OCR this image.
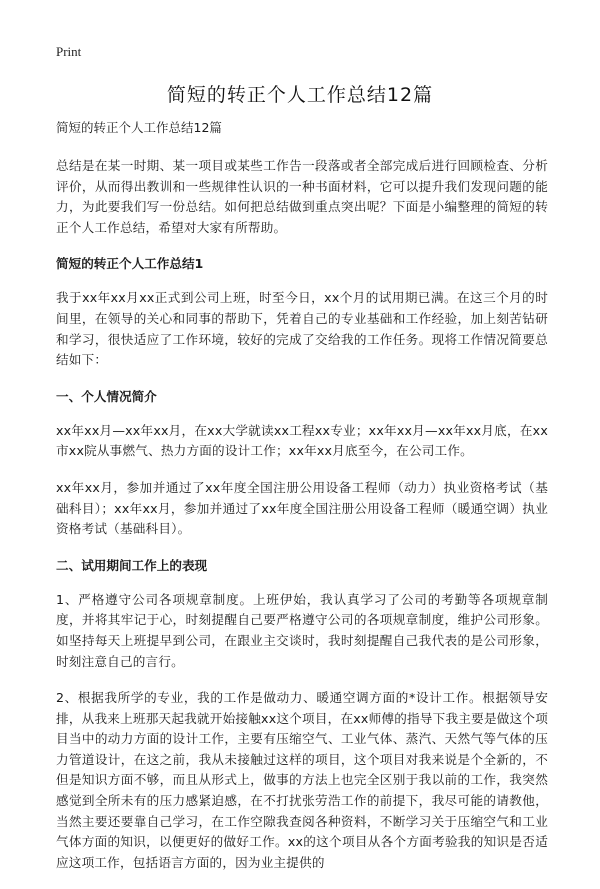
Print
简短的转正个人工作总结12篇

简短的转正个人工作总结12篇

总结是在某一时期、某一项目或某些工作告一段落或者全部完成后进行回顾检查、分析评价，从而得出教训和一些规律性认识的一种书面材料，它可以提升我们发现问题的能力，为此要我们写一份总结。如何把总结做到重点突出呢？下面是小编整理的简短的转正个人工作总结，希望对大家有所帮助。

简短的转正个人工作总结1

我于xx年xx月xx正式到公司上班，时至今日，xx个月的试用期已满。在这三个月的时间里，在领导的关心和同事的帮助下，凭着自己的专业基础和工作经验，加上刻苦钻研和学习，很快适应了工作环境，较好的完成了交给我的工作任务。现将工作情况简要总结如下：

一、个人情况简介

xx年xx月—xx年xx月，在xx大学就读xx工程xx专业；xx年xx月—xx年xx月底，在xx市xx院从事燃气、热力方面的设计工作；xx年xx月底至今，在公司工作。

xx年xx月，参加并通过了xx年度全国注册公用设备工程师（动力）执业资格考试（基础科目）；xx年xx月，参加并通过了xx年度全国注册公用设备工程师（暖通空调）执业资格考试（基础科目）。

二、试用期间工作上的表现

1、严格遵守公司各项规章制度。上班伊始，我认真学习了公司的考勤等各项规章制度，并将其牢记于心，时刻提醒自己要严格遵守公司的各项规章制度，维护公司形象。如坚持每天上班提早到公司，在跟业主交谈时，我时刻提醒自己我代表的是公司形象，时刻注意自己的言行。

2、根据我所学的专业，我的工作是做动力、暖通空调方面的*设计工作。根据领导安排，从我来上班那天起我就开始接触xx这个项目，在xx师傅的指导下我主要是做这个项目当中的动力方面的设计工作，主要有压缩空气、工业气体、蒸汽、天然气等气体的压力管道设计，在这之前，我从未接触过这样的项目，这个项目对我来说是个全新的，不但是知识方面不够，而且从形式上，做事的方法上也完全区别于我以前的工作，我突然感觉到全所未有的压力感紧迫感，在不打扰张劳浩工作的前提下，我尽可能的请教他，当然主要还要靠自己学习，在工作空隙我查阅各种资料，不断学习关于压缩空气和工业气体方面的知识，以便更好的做好工作。xx的这个项目从各个方面考验我的知识是否适应这项工作，包括语言方面的，因为业主提供的
